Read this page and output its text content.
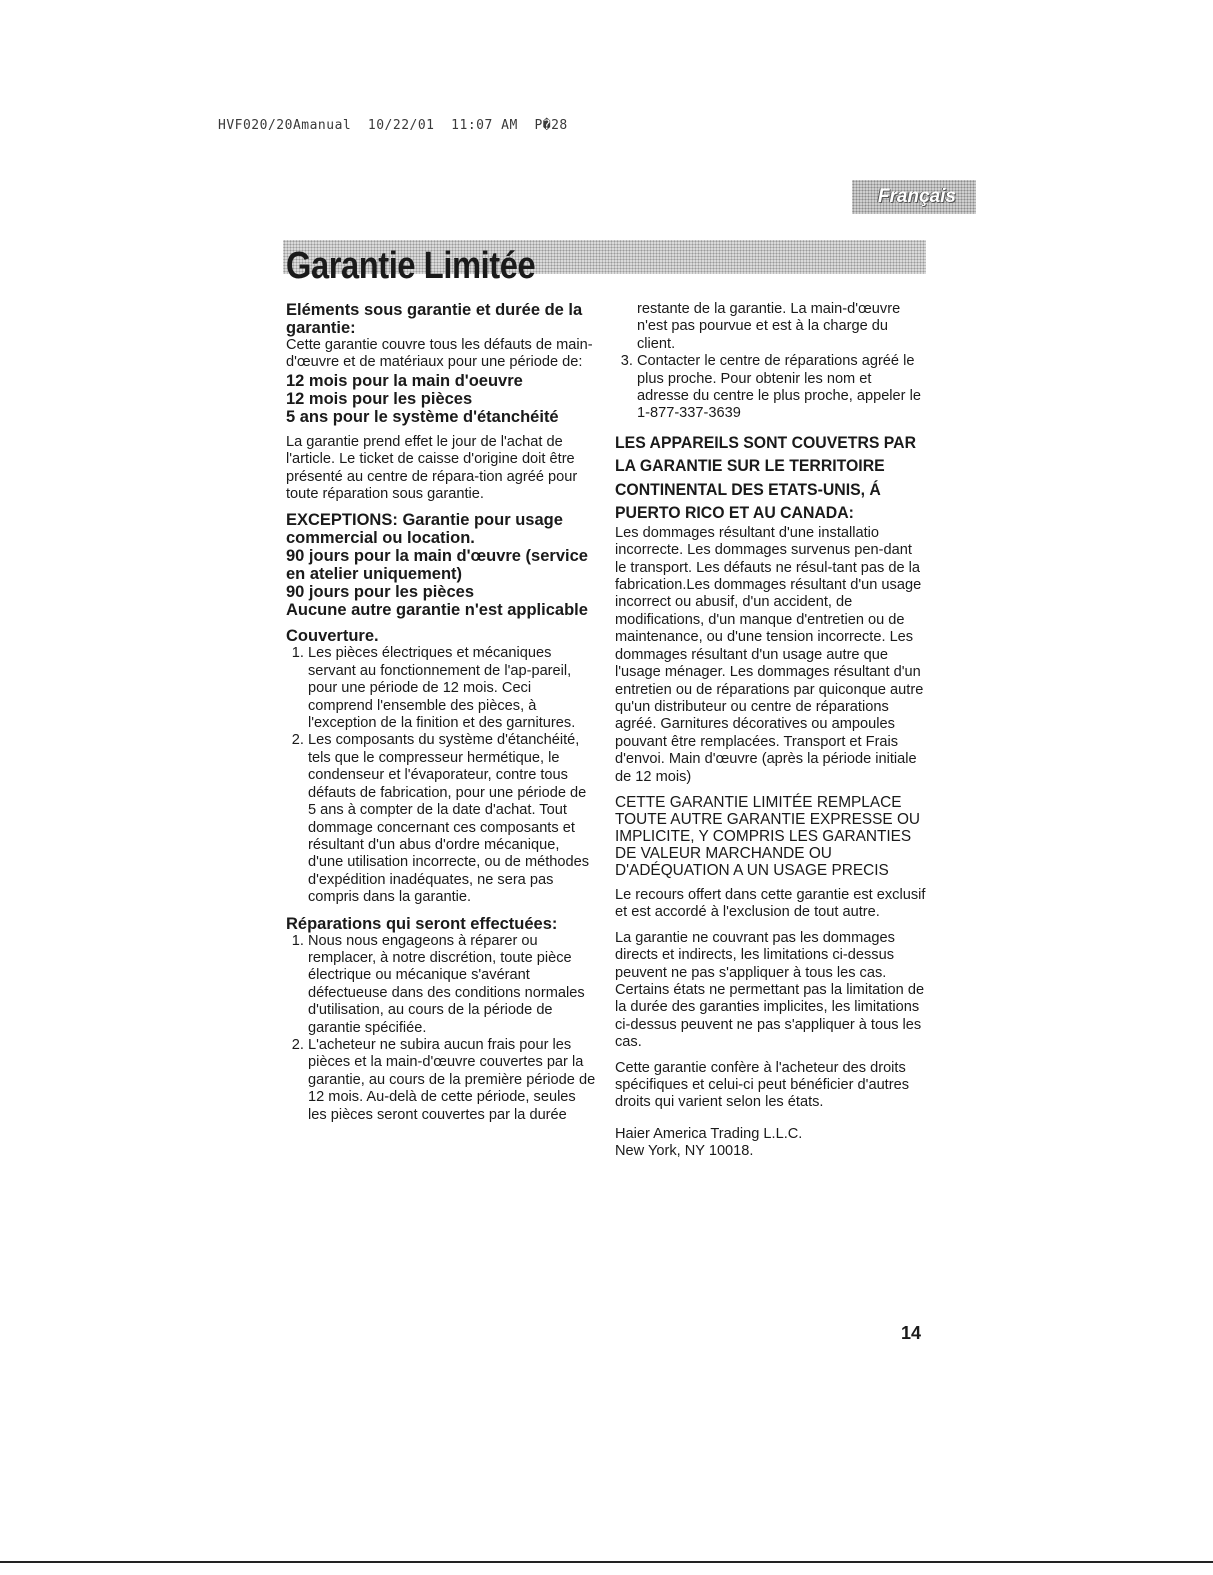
HVF020/20Amanual 10/22/01 11:07 AM P�28
Français
Garantie Limitée
Eléments sous garantie et durée de la garantie:

Cette garantie couvre tous les défauts de main-d'œuvre et de matériaux pour une période de:

12 mois pour la main d'oeuvre
12 mois pour les pièces
5 ans pour le système d'étanchéité

La garantie prend effet le jour de l'achat de l'article. Le ticket de caisse d'origine doit être présenté au centre de répara-tion agréé pour toute réparation sous garantie.

EXCEPTIONS: Garantie pour usage commercial ou location.
90 jours pour la main d'œuvre (service en atelier uniquement)
90 jours pour les pièces
Aucune autre garantie n'est applicable
Couverture.
1. Les pièces électriques et mécaniques servant au fonctionnement de l'ap-pareil, pour une période de 12 mois. Ceci comprend l'ensemble des pièces, à l'exception de la finition et des garnitures.
2. Les composants du système d'étanchéité, tels que le compresseur hermétique, le condenseur et l'évaporateur, contre tous défauts de fabrication, pour une période de 5 ans à compter de la date d'achat. Tout dommage concernant ces composants et résultant d'un abus d'ordre mécanique, d'une utilisation incorrecte, ou de méthodes d'expédition inadéquates, ne sera pas compris dans la garantie.
Réparations qui seront effectuées:
1. Nous nous engageons à réparer ou remplacer, à notre discrétion, toute pièce électrique ou mécanique s'avérant défectueuse dans des conditions normales d'utilisation, au cours de la période de garantie spécifiée.
2. L'acheteur ne subira aucun frais pour les pièces et la main-d'œuvre couvertes par la garantie, au cours de la première période de 12 mois. Au-delà de cette période, seules les pièces seront couvertes par la durée
restante de la garantie. La main-d'œuvre n'est pas pourvue et est à la charge du client.
3. Contacter le centre de réparations agréé le plus proche. Pour obtenir les nom et adresse du centre le plus proche, appeler le 1-877-337-3639
LES APPAREILS SONT COUVETRS PAR LA GARANTIE SUR LE TERRITOIRE CONTINENTAL DES ETATS-UNIS, Á PUERTO RICO ET AU CANADA:

Les dommages résultant d'une installatio incorrecte. Les dommages survenus pen-dant le transport. Les défauts ne résul-tant pas de la fabrication.Les dommages résultant d'un usage incorrect ou abusif, d'un accident, de modifications, d'un manque d'entretien ou de maintenance, ou d'une tension incorrecte. Les dommages résultant d'un usage autre que l'usage ménager. Les dommages résultant d'un entretien ou de réparations par quiconque autre qu'un distributeur ou centre de réparations agréé. Garnitures décoratives ou ampoules pouvant être remplacées. Transport et Frais d'envoi. Main d'œuvre (après la période initiale de 12 mois)

CETTE GARANTIE LIMITÉE REMPLACE TOUTE AUTRE GARANTIE EXPRESSE OU IMPLICITE, Y COMPRIS LES GARANTIES DE VALEUR MARCHANDE OU D'ADÉQUATION A UN USAGE PRECIS

Le recours offert dans cette garantie est exclusif et est accordé à l'exclusion de tout autre.

La garantie ne couvrant pas les dommages directs et indirects, les limitations ci-dessus peuvent ne pas s'appliquer à tous les cas. Certains états ne permettant pas la limitation de la durée des garanties implicites, les limitations ci-dessus peuvent ne pas s'appliquer à tous les cas.

Cette garantie confère à l'acheteur des droits spécifiques et celui-ci peut bénéficier d'autres droits qui varient selon les états.

Haier America Trading L.L.C.

New York, NY 10018.

14
